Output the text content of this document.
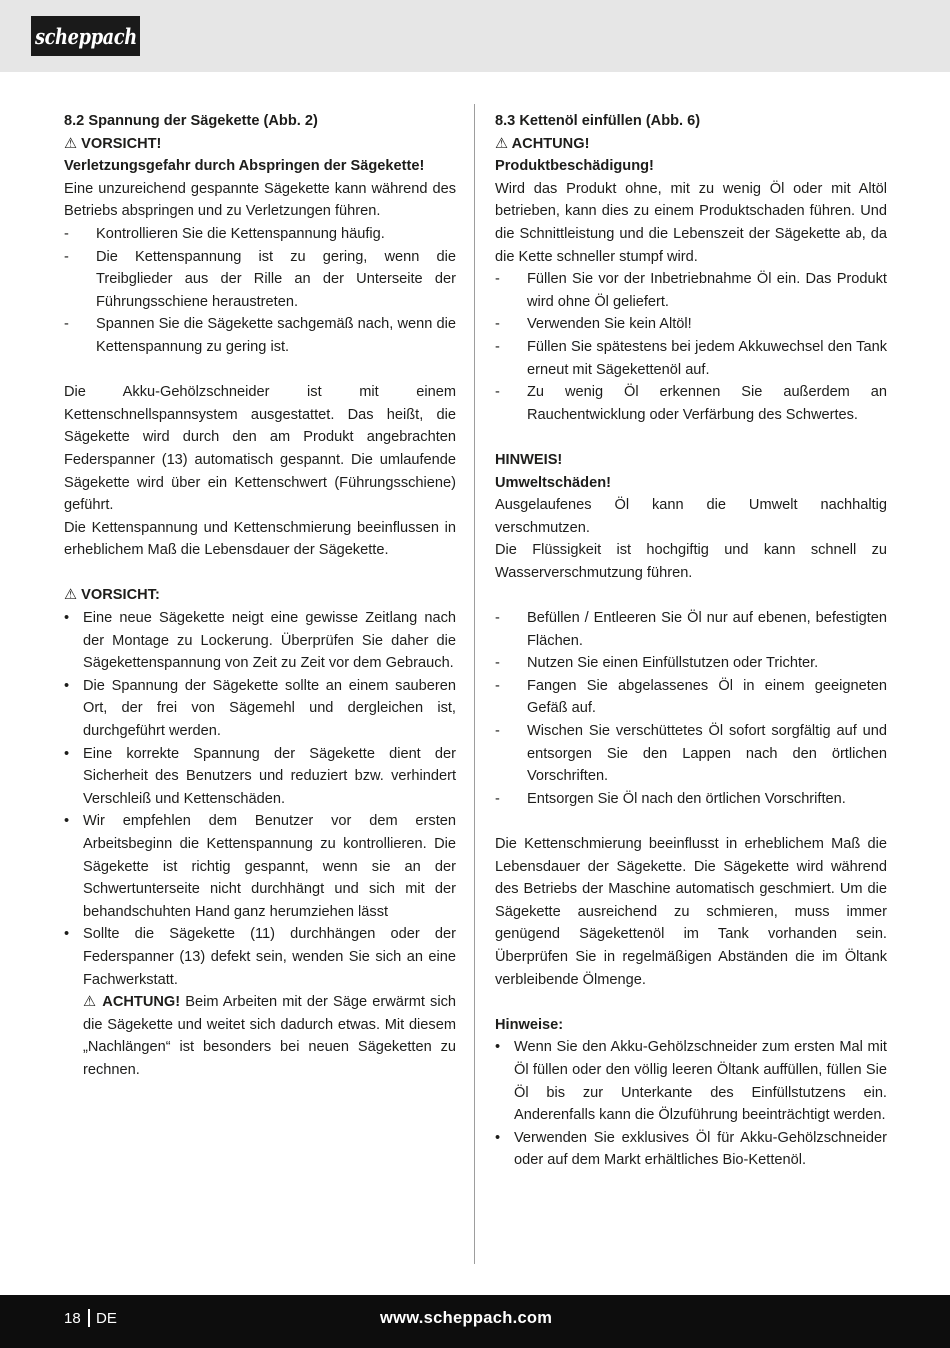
scheppach

8.2 Spannung der Sägekette (Abb. 2)

⚠ VORSICHT!

Verletzungsgefahr durch Abspringen der Sägekette!

Eine unzureichend gespannte Sägekette kann während des Betriebs abspringen und zu Verletzungen führen.

- Kontrollieren Sie die Kettenspannung häufig.
- Die Kettenspannung ist zu gering, wenn die Treibglieder aus der Rille an der Unterseite der Führungsschiene heraustreten.
- Spannen Sie die Sägekette sachgemäß nach, wenn die Kettenspannung zu gering ist.

Die Akku-Gehölzschneider ist mit einem Kettenschnellspannsystem ausgestattet. Das heißt, die Sägekette wird durch den am Produkt angebrachten Federspanner (13) automatisch gespannt. Die umlaufende Sägekette wird über ein Kettenschwert (Führungsschiene) geführt.

Die Kettenspannung und Kettenschmierung beeinflussen in erheblichem Maß die Lebensdauer der Sägekette.

⚠ VORSICHT:

• Eine neue Sägekette neigt eine gewisse Zeitlang nach der Montage zu Lockerung. Überprüfen Sie daher die Sägekettenspannung von Zeit zu Zeit vor dem Gebrauch.
• Die Spannung der Sägekette sollte an einem sauberen Ort, der frei von Sägemehl und dergleichen ist, durchgeführt werden.
• Eine korrekte Spannung der Sägekette dient der Sicherheit des Benutzers und reduziert bzw. verhindert Verschleiß und Kettenschäden.
• Wir empfehlen dem Benutzer vor dem ersten Arbeitsbeginn die Kettenspannung zu kontrollieren. Die Sägekette ist richtig gespannt, wenn sie an der Schwertunterseite nicht durchhängt und sich mit der behandschuhten Hand ganz herumziehen lässt

• Sollte die Sägekette (11) durchhängen oder der Federspanner (13) defekt sein, wenden Sie sich an eine Fachwerkstatt.

⚠ ACHTUNG! Beim Arbeiten mit der Säge erwärmt sich die Sägekette und weitet sich dadurch etwas. Mit diesem „Nachlängen“ ist besonders bei neuen Sägeketten zu rechnen.

8.3 Kettenöl einfüllen (Abb. 6)

⚠ ACHTUNG!

Produktbeschädigung!

Wird das Produkt ohne, mit zu wenig Öl oder mit Altöl betrieben, kann dies zu einem Produktschaden führen. Und die Schnittleistung und die Lebenszeit der Sägekette ab, da die Kette schneller stumpf wird.

- Füllen Sie vor der Inbetriebnahme Öl ein. Das Produkt wird ohne Öl geliefert.
- Verwenden Sie kein Altöl!
- Füllen Sie spätestens bei jedem Akkuwechsel den Tank erneut mit Sägekettenöl auf.
- Zu wenig Öl erkennen Sie außerdem an Rauchentwicklung oder Verfärbung des Schwertes.

HINWEIS!

Umweltschäden!

Ausgelaufenes Öl kann die Umwelt nachhaltig verschmutzen.

Die Flüssigkeit ist hochgiftig und kann schnell zu Wasserverschmutzung führen.

- Befüllen / Entleeren Sie Öl nur auf ebenen, befestigten Flächen.
- Nutzen Sie einen Einfüllstutzen oder Trichter.
- Fangen Sie abgelassenes Öl in einem geeigneten Gefäß auf.
- Wischen Sie verschüttetes Öl sofort sorgfältig auf und entsorgen Sie den Lappen nach den örtlichen Vorschriften.
- Entsorgen Sie Öl nach den örtlichen Vorschriften.

Die Kettenschmierung beeinflusst in erheblichem Maß die Lebensdauer der Sägekette. Die Sägekette wird während des Betriebs der Maschine automatisch geschmiert. Um die Sägekette ausreichend zu schmieren, muss immer genügend Sägekettenöl im Tank vorhanden sein. Überprüfen Sie in regelmäßigen Abständen die im Öltank verbleibende Ölmenge.

Hinweise:

• Wenn Sie den Akku-Gehölzschneider zum ersten Mal mit Öl füllen oder den völlig leeren Öltank auffüllen, füllen Sie Öl bis zur Unterkante des Einfüllstutzens ein. Anderenfalls kann die Ölzuführung beeinträchtigt werden.
• Verwenden Sie exklusives Öl für Akku-Gehölzschneider oder auf dem Markt erhältliches Bio-Kettenöl.
18 DE	www.scheppach.com
